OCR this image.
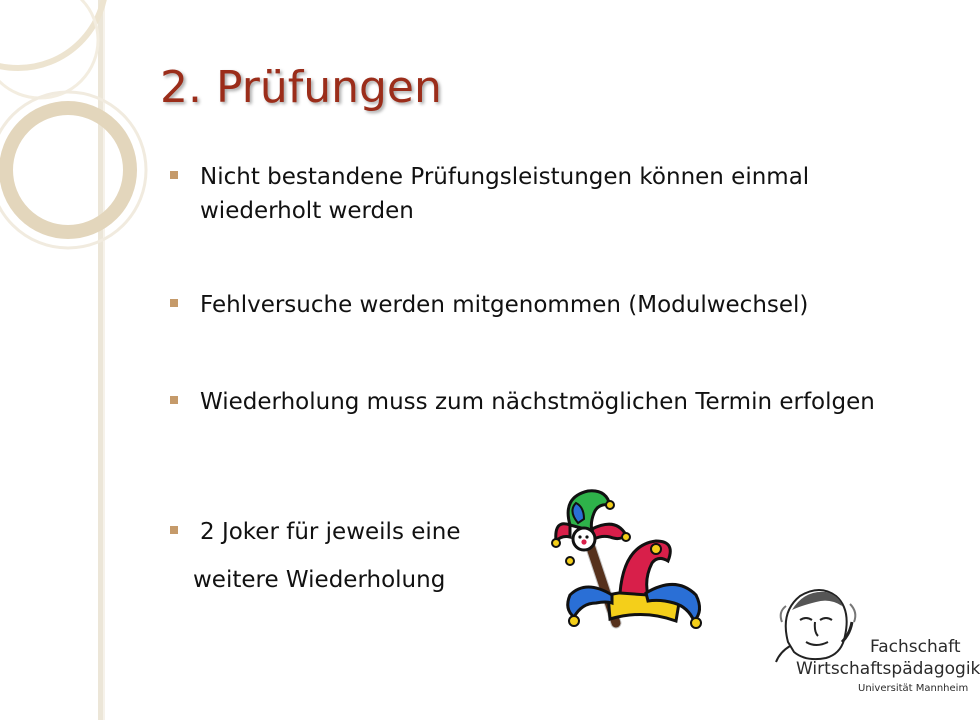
2. Prüfungen
Nicht bestandene Prüfungsleistungen können einmal wiederholt werden
Fehlversuche werden mitgenommen (Modulwechsel)
Wiederholung muss zum nächstmöglichen Termin erfolgen
2 Joker für jeweils eine
weitere Wiederholung
Fachschaft
Wirtschaftspädagogik
Universität Mannheim
